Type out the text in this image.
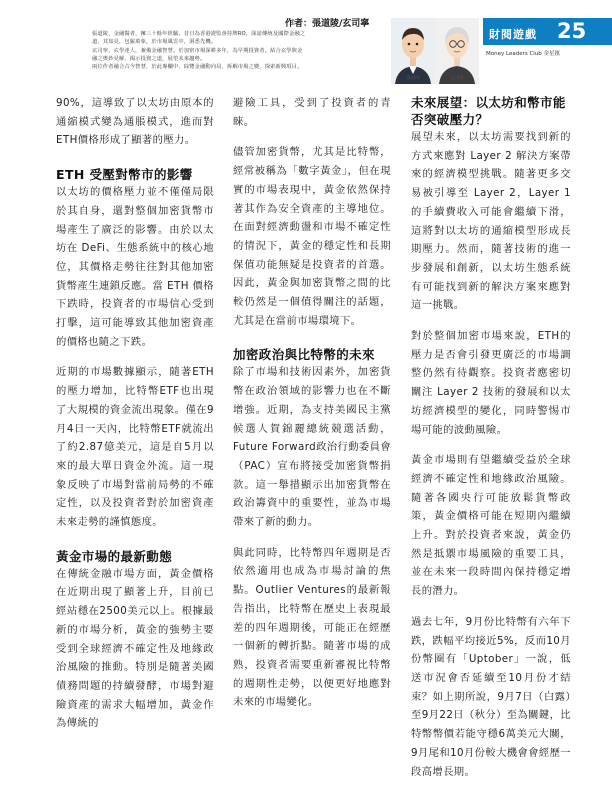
作者：張道陵/玄司寧

張道陵，金融醫者，擁三十餘年經驗。昔日為香港證監會持牌RO，深諳傳統及國際金融之

道，其知見，包羅萬象，於市場風雲中，洞悉先機。

玄司寧，玄學達人，兼備金融智慧。於加密市場深耕多年，為早期投資者。結合玄學與金

融之奧妙見解，揭示投資之道，展望未來趨勢。

兩位作者融合古今智慧，於此專欄中，綜覽金融動向局，拆解市場之變，探索新興項目。

張道陵	玄司寧
財閱遊戲 25
Money Leaders Club 金星匯

90%，這導致了以太坊由原本的通縮模式變為通脹模式，進而對ETH價格形成了顯著的壓力。

ETH 受壓對幣市的影響

以太坊的價格壓力並不僅僅局限於其自身，還對整個加密貨幣市場產生了廣泛的影響。由於以太坊在 DeFi、生態系統中的核心地位，其價格走勢往往對其他加密貨幣產生連鎖反應。當 ETH 價格下跌時，投資者的市場信心受到打擊，這可能導致其他加密資產的價格也隨之下跌。

近期的市場數據顯示，隨著ETH的壓力增加，比特幣ETF也出現了大規模的資金流出現象。僅在9月4日一天內，比特幣ETF就流出了約2.87億美元，這是自5月以來的最大單日資金外流。這一現象反映了市場對當前局勢的不確定性，以及投資者對於加密資產未來走勢的謹慎態度。

黃金市場的最新動態

在傳統金融市場方面，黃金價格在近期出現了顯著上升，目前已經站穩在2500美元以上。根據最新的市場分析，黃金的強勢主要受到全球經濟不確定性及地緣政治風險的推動。特別是隨著美國債務問題的持續發酵，市場對避險資產的需求大幅增加，黃金作為傳統的

避險工具，受到了投資者的青睞。

儘管加密貨幣，尤其是比特幣，經常被稱為「數字黃金」，但在現實的市場表現中，黃金依然保持著其作為安全資產的主導地位。在面對經濟動盪和市場不確定性的情況下，黃金的穩定性和長期保值功能無疑是投資者的首選。因此，黃金與加密貨幣之間的比較仍然是一個值得關注的話題，尤其是在當前市場環境下。

加密政治與比特幣的未來

除了市場和技術因素外，加密貨幣在政治領域的影響力也在不斷增強。近期，為支持美國民主黨候選人賀錦麗總統競選活動，Future Forward政治行動委員會（PAC）宣布將接受加密貨幣捐款。這一舉措顯示出加密貨幣在政治籌資中的重要性，並為市場帶來了新的動力。

與此同時，比特幣四年週期是否依然適用也成為市場討論的焦點。Outlier Ventures的最新報告指出，比特幣在歷史上表現最差的四年週期後，可能正在經歷一個新的轉折點。隨著市場的成熟，投資者需要重新審視比特幣的週期性走勢，以便更好地應對未來的市場變化。

未來展望：以太坊和幣市能否突破壓力？

展望未來，以太坊需要找到新的方式來應對 Layer 2 解決方案帶來的經濟模型挑戰。隨著更多交易被引導至 Layer 2，Layer 1 的手續費收入可能會繼續下滑，這將對以太坊的通縮模型形成長期壓力。然而，隨著技術的進一步發展和創新，以太坊生態系統有可能找到新的解決方案來應對這一挑戰。

對於整個加密市場來說，ETH的壓力是否會引發更廣泛的市場調整仍然有待觀察。投資者應密切關注 Layer 2 技術的發展和以太坊經濟模型的變化，同時警惕市場可能的波動風險。

黃金市場則有望繼續受益於全球經濟不確定性和地緣政治風險。隨著各國央行可能放鬆貨幣政策，黃金價格可能在短期內繼續上升。對於投資者來說，黃金仍然是抵禦市場風險的重要工具，並在未來一段時間內保持穩定增長的潛力。

過去七年，9月份比特幣有六年下跌，跌幅平均接近5%，反而10月份幣圈有「Uptober」一說，低送市況會否延續至10月份才結束？如上期所說，9月7日（白露）至9月22日（秋分）至為關鍵，比特幣幣價若能守穩6萬美元大關，9月尾和10月份較大機會會經歷一段高增長期。
